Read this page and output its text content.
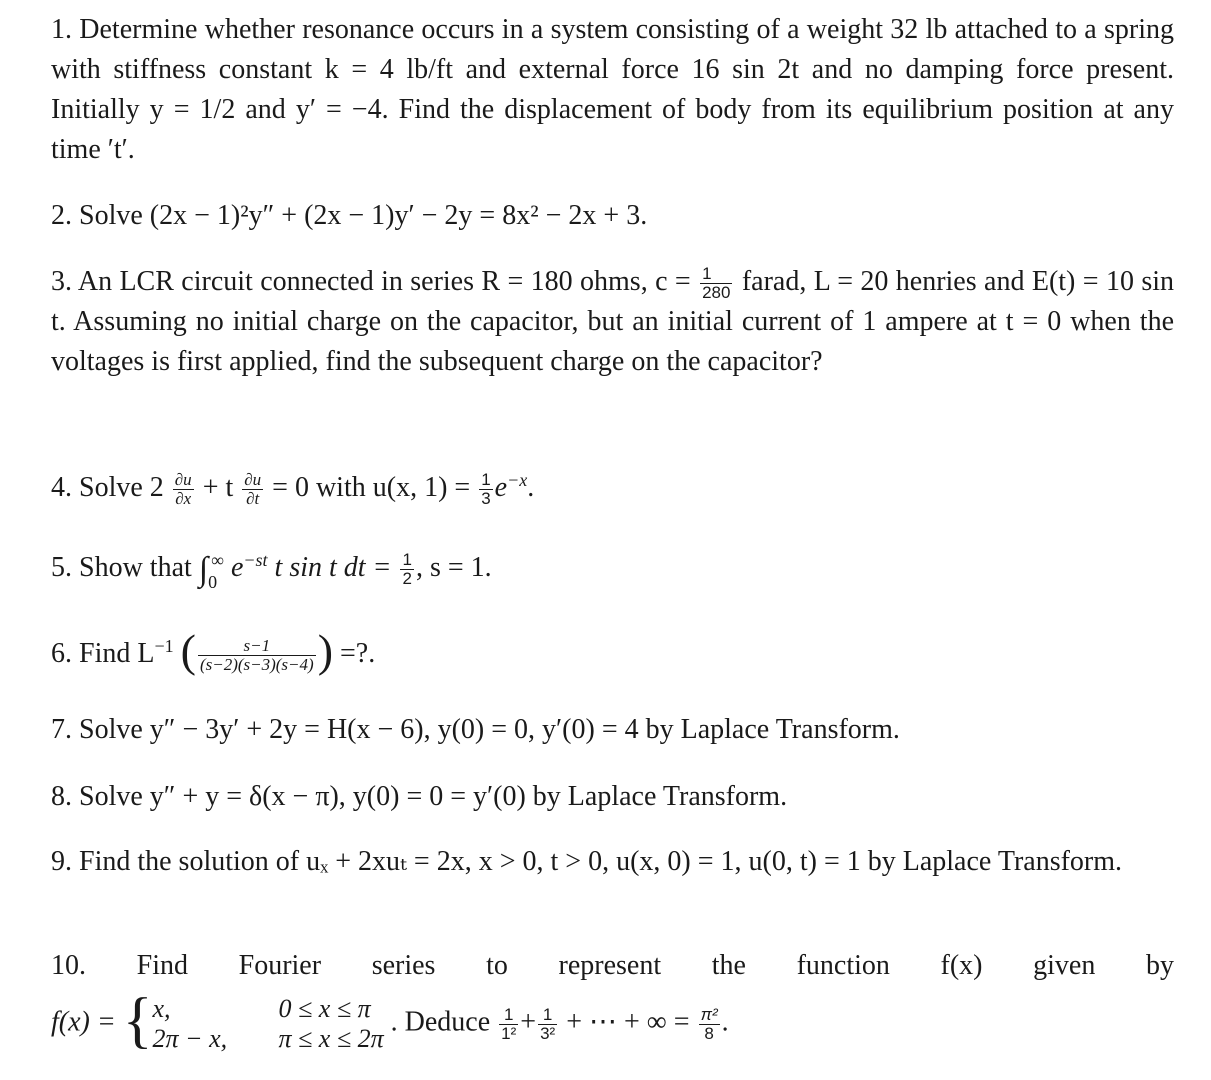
1. Determine whether resonance occurs in a system consisting of a weight 32 lb attached to a spring with stiffness constant k = 4 lb/ft and external force 16 sin 2t and no damping force present. Initially y = 1/2 and y′ = −4. Find the displacement of body from its equilibrium position at any time ′t′.
2. Solve (2x − 1)²y″ + (2x − 1)y′ − 2y = 8x² − 2x + 3.
3. An LCR circuit connected in series R = 180 ohms, $c = \frac{1}{280}$ farad, L = 20 henries and E(t) = 10 sin t. Assuming no initial charge on the capacitor, but an initial current of 1 ampere at t = 0 when the voltages is first applied, find the subsequent charge on the capacitor?
4. Solve $2 \frac{\partial u}{\partial x} + t \frac{\partial u}{\partial t} = 0$ with u(x, $1) = \frac{1}{3} e^{-x}$.
5. Show that $\int_0^\infty$ $e^{-st}$ t sin t dt = $\frac{1}{2}$ , s = 1.
6. Find $L^{-1}$ ( $\frac{s-1}{(s-2)(s-3)(s-4)}$ ) =?.
7. Solve y″ − 3y′ + 2y = H(x − 6), y(0) = 0, y′(0) = 4 by Laplace Transform.
8. Solve y″ + y = δ(x − π), y(0) = 0 = y′(0) by Laplace Transform.
9. Find the solution of uₓ + 2xuₜ = 2x, x > 0, t > 0, u(x, 0) = 1, u(0, t) = 1 by Laplace Transform.
10. Find Fourier series to represent the function f(x) given by
f(x) = { x,	0 ≤ x ≤ π
2π − x,	π ≤ x ≤ 2π
. Deduce $\frac{1}{\text{1²}} + \frac{1}{\text{3²}}$ + ⋯ + ∞ = $\frac{\text{π²}}{8}$ .
